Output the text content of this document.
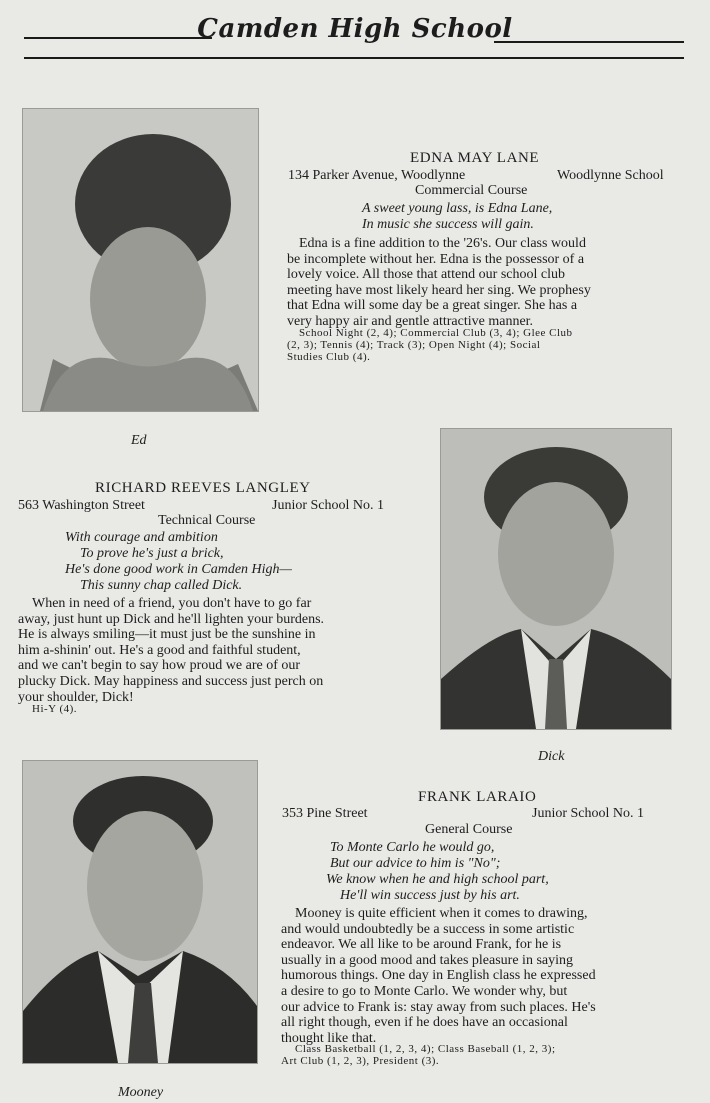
Camden High School
Ed
EDNA MAY LANE
134 Parker Avenue, Woodlynne	Woodlynne School
Commercial Course
A sweet young lass, is Edna Lane,
In music she success will gain.
Edna is a fine addition to the '26's. Our class would
be incomplete without her. Edna is the possessor of a
lovely voice. All those that attend our school club
meeting have most likely heard her sing. We prophesy
that Edna will some day be a great singer. She has a
very happy air and gentle attractive manner.
School Night (2, 4); Commercial Club (3, 4); Glee Club
(2, 3); Tennis (4); Track (3); Open Night (4); Social
Studies Club (4).
RICHARD REEVES LANGLEY
563 Washington Street	Junior School No. 1
Technical Course
With courage and ambition
To prove he's just a brick,
He's done good work in Camden High—
This sunny chap called Dick.
When in need of a friend, you don't have to go far
away, just hunt up Dick and he'll lighten your burdens.
He is always smiling—it must just be the sunshine in
him a-shinin' out. He's a good and faithful student,
and we can't begin to say how proud we are of our
plucky Dick. May happiness and success just perch on
your shoulder, Dick!
Hi-Y (4).
Dick
Mooney
FRANK LARAIO
353 Pine Street	Junior School No. 1
General Course
To Monte Carlo he would go,
But our advice to him is "No";
We know when he and high school part,
He'll win success just by his art.
Mooney is quite efficient when it comes to drawing,
and would undoubtedly be a success in some artistic
endeavor. We all like to be around Frank, for he is
usually in a good mood and takes pleasure in saying
humorous things. One day in English class he expressed
a desire to go to Monte Carlo. We wonder why, but
our advice to Frank is: stay away from such places. He's
all right though, even if he does have an occasional
thought like that.
Class Basketball (1, 2, 3, 4); Class Baseball (1, 2, 3);
Art Club (1, 2, 3), President (3).
